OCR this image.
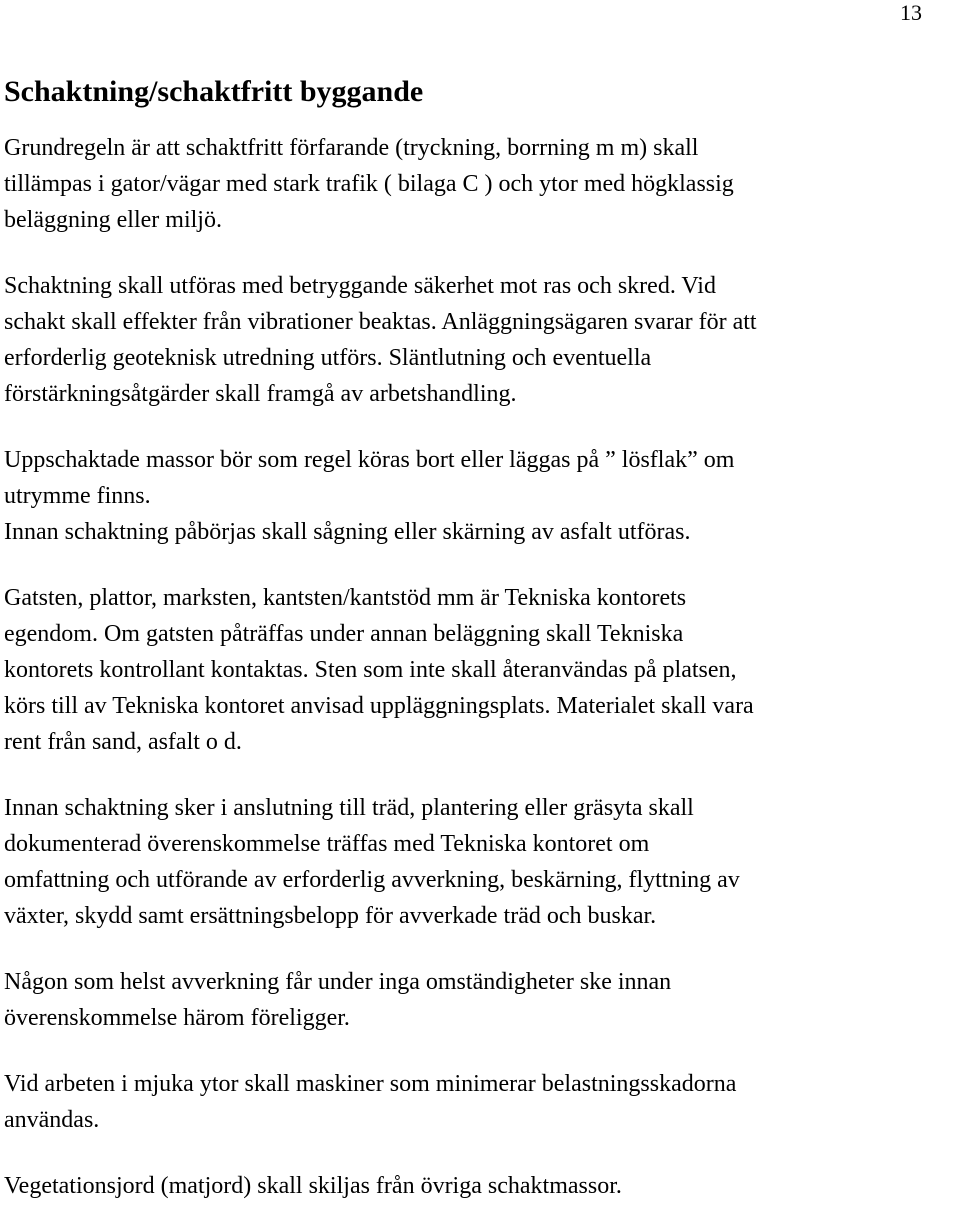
13
Schaktning/schaktfritt byggande

Grundregeln är att schaktfritt förfarande (tryckning, borrning m m) skall
tillämpas i gator/vägar med stark trafik ( bilaga C ) och ytor med högklassig
beläggning eller miljö.

Schaktning skall utföras med betryggande säkerhet mot ras och skred. Vid
schakt skall effekter från vibrationer beaktas. Anläggningsägaren svarar för att
erforderlig geoteknisk utredning utförs. Släntlutning och eventuella
förstärkningsåtgärder skall framgå av arbetshandling.

Uppschaktade massor bör som regel köras bort eller läggas på ” lösflak” om
utrymme finns.

Innan schaktning påbörjas skall sågning eller skärning av asfalt utföras.

Gatsten, plattor, marksten, kantsten/kantstöd mm är Tekniska kontorets
egendom. Om gatsten påträffas under annan beläggning skall Tekniska
kontorets kontrollant kontaktas. Sten som inte skall återanvändas på platsen,
körs till av Tekniska kontoret anvisad uppläggningsplats. Materialet skall vara
rent från sand, asfalt o d.

Innan schaktning sker i anslutning till träd, plantering eller gräsyta skall
dokumenterad överenskommelse träffas med Tekniska kontoret om
omfattning och utförande av erforderlig avverkning, beskärning, flyttning av
växter, skydd samt ersättningsbelopp för avverkade träd och buskar.

Någon som helst avverkning får under inga omständigheter ske innan
överenskommelse härom föreligger.

Vid arbeten i mjuka ytor skall maskiner som minimerar belastningsskadorna
användas.

Vegetationsjord (matjord) skall skiljas från övriga schaktmassor.
